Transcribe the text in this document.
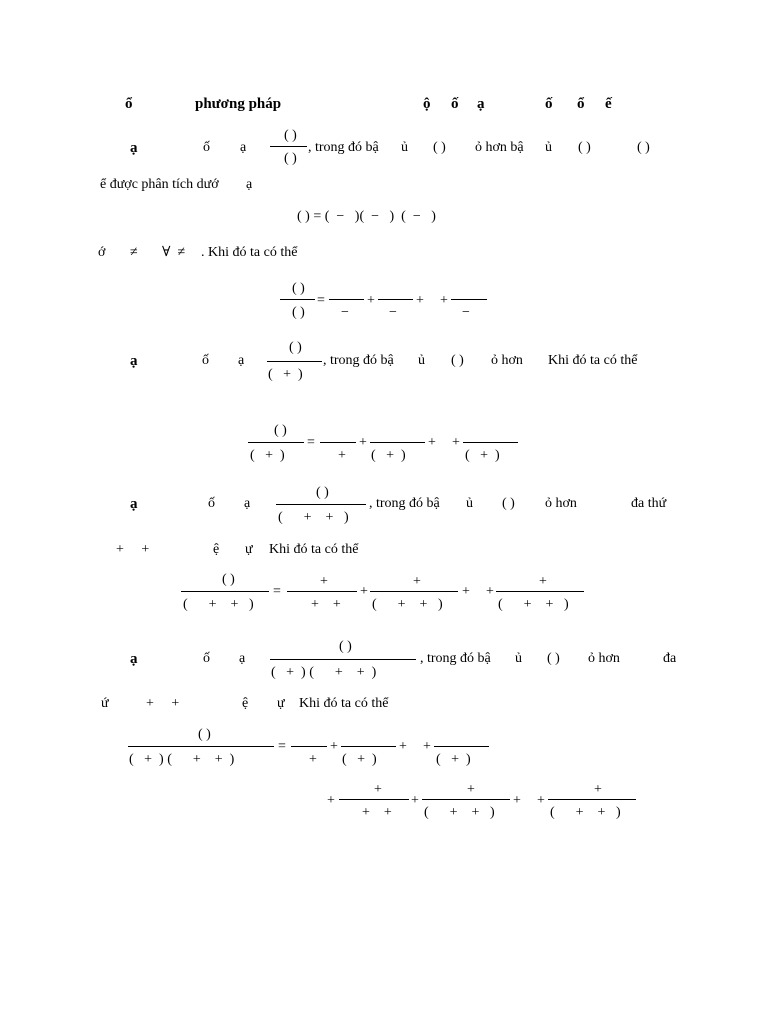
ổ	phương pháp	ộ ố ạ	ố ổ ế
ạ	ố ạ
( )
( )
, trong đó bậ ủ ( ) ỏ hơn bậ ủ ( )	( )
ể được phân tích dướ ạ
( ) = (  −   )(  −   )  (  −   )
ớ ≠ ∀  ≠ . Khi đó ta có thể
( )
( )
=
−
+
−
+ +
−
ạ	ố ạ
( )
(   +  )
, trong đó bậ ủ ( ) ỏ hơn Khi đó ta có thể
( )
(   +  )
=
+
+
(   +  )
+ +
(   +  )
ạ	ố ạ
( )
(      +    +   )
, trong đó bậ ủ ( ) ỏ hơn	đa thứ
+     +	ệ ự Khi đó ta có thể
( )
(      +    +   )
=
+
+    +
+
+
(      +    +   )
+ +
+
(      +    +   )
ạ	ố ạ
( )
(   +  ) (      +    +  )
, trong đó bậ ủ ( ) ỏ hơn	đa
ứ	+     +	ệ ự Khi đó ta có thể
( )
(   +  ) (      +    +  )
=
+
+
(   +  )
+ +
(   +  )
+
+
+    +
+
+
(      +    +   )
+ +
+
(      +    +   )
